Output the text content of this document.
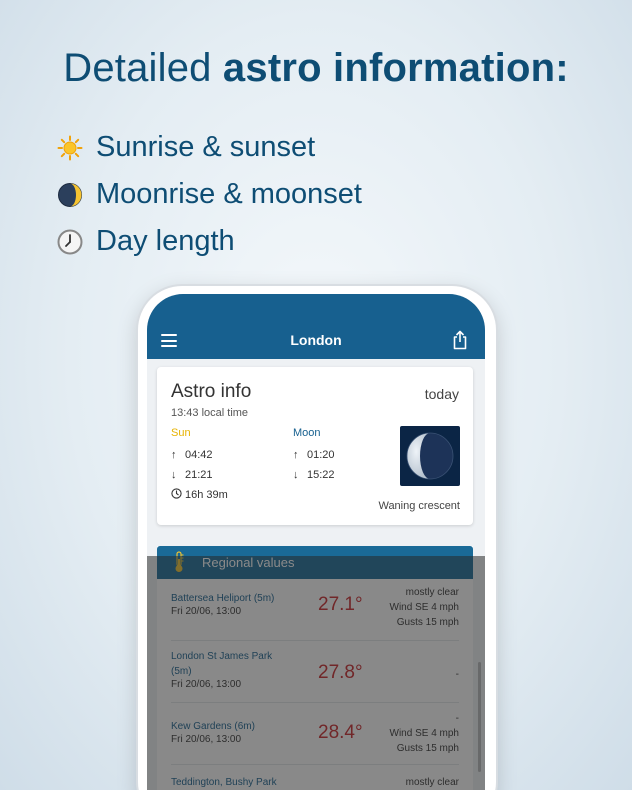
Detailed astro information:
Sunrise & sunset
Moonrise & moonset
Day length
London
Astro info
13:43 local time
today
Sun
↑ 04:42
↓ 21:21
16h 39m
Moon
↑ 01:20
↓ 15:22
Waning crescent
